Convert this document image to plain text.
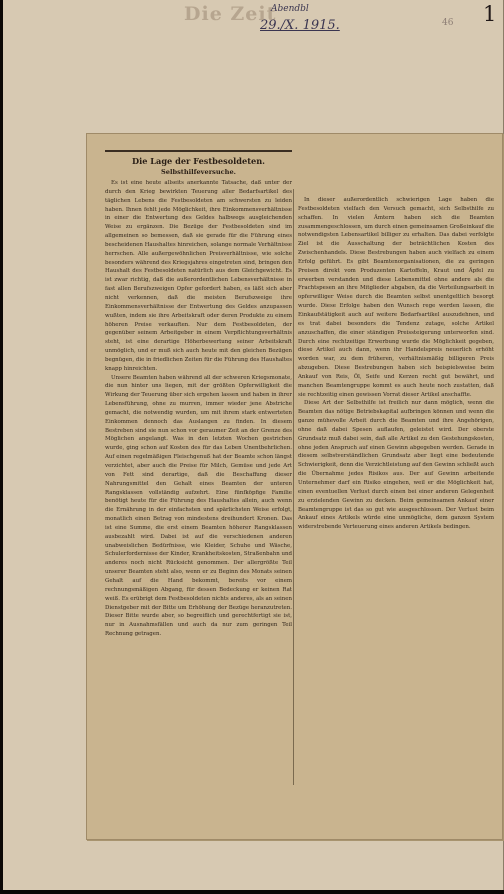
Die Zeit
Abendbl
29./X. 1915.	46 1
Die Lage der Festbesoldeten.
Selbsthilfeversuche.

Es ist eine heute allseits anerkannte Tatsache, daß unter der durch den Krieg bewirkten Teuerung aller Bedarfsartikel des täglichen Lebens die Festbesoldeten am schwersten zu leiden haben. Ihnen fehlt jede Möglichkeit, ihre Einkommensverhältnisse in einer die Entwertung des Geldes halbwegs ausgleichenden Weise zu ergänzen. Die Bezüge der Festbesoldeten sind im allgemeinen so bemessen, daß sie gerade für die Führung eines bescheidenen Haushaltes hinreichen, solange normale Verhältnisse herrschen. Alle außergewöhnlichen Preisverhältnisse, wie solche besonders während des Kriegsjahres eingetreten sind, bringen den Haushalt des Festbesoldeten natürlich aus dem Gleichgewicht. Es ist zwar richtig, daß die außerordentlichen Lebensverhältnisse in fast allen Berufszweigen Opfer gefordert haben, es läßt sich aber nicht verkennen, daß die meisten Berufszweige ihre Einkommensverhältnisse der Entwertung des Geldes anzupassen wußten, indem sie ihre Arbeitskraft oder deren Produkte zu einem höheren Preise verkauften. Nur dem Festbesoldeten, der gegenüber seinem Arbeitgeber in einem Verpflichtungsverhältnis steht, ist eine derartige Höherbewertung seiner Arbeitskraft unmöglich, und er muß sich auch heute mit den gleichen Bezügen begnügen, die in friedlichen Zeiten für die Führung des Haushaltes knapp hinreichten.

Unsere Beamten haben während all der schweren Kriegsmonate, die nun hinter uns liegen, mit der größten Opferwilligkeit die Wirkung der Teuerung über sich ergehen lassen und haben in ihrer Lebensführung, ohne zu murren, immer wieder jene Abstriche gemacht, die notwendig wurden, um mit ihrem stark entwerteten Einkommen dennoch das Auslangen zu finden. In diesem Bestreben sind sie nun schon vor geraumer Zeit an der Grenze des Möglichen angelangt. Was in den letzten Wochen gestrichen wurde, ging schon auf Kosten des für das Leben Unentbehrlichen. Auf einen regelmäßigen Fleischgenuß hat der Beamte schon längst verzichtet, aber auch die Preise für Milch, Gemüse und jede Art von Fett sind derartige, daß die Beschaffung dieser Nahrungsmittel den Gehalt eines Beamten der unteren Rangsklassen vollständig aufzehrt. Eine fünfköpfige Familie benötigt heute für die Führung des Haushaltes allein, auch wenn die Ernährung in der einfachsten und spärlichsten Weise erfolgt, monatlich einen Betrag von mindestens dreihundert Kronen. Das ist eine Summe, die erst einem Beamten höherer Rangsklassen ausbezahlt wird. Dabei ist auf die verschiedenen anderen unabweislichen Bedürfnisse, wie Kleider, Schuhe und Wäsche, Schulerfordernisse der Kinder, Krankheitskosten, Straßenbahn und anderes noch nicht Rücksicht genommen. Der allergrößte Teil unserer Beamten steht also, wenn er zu Beginn des Monats seinen Gehalt auf die Hand bekommt, bereits vor einem rechnungsmäßigen Abgang, für dessen Bedeckung er keinen Rat weiß. Es erübrigt dem Festbesoldeten nichts anderes, als an seinen Dienstgeber mit der Bitte um Erhöhung der Bezüge heranzutreten. Dieser Bitte wurde aber, so begreiflich und gerechtfertigt sie ist, nur in Ausnahmsfällen und auch da nur zum geringen Teil Rechnung getragen.

In dieser außerordentlich schwierigen Lage haben die Festbesoldeten vielfach den Versuch gemacht, sich Selbsthilfe zu schaffen. In vielen Ämtern haben sich die Beamten zusammengeschlossen, um durch einen gemeinsamen Großeinkauf die notwendigsten Lebensartikel billiger zu erhalten. Das dabei verfolgte Ziel ist die Ausschaltung der beträchtlichen Kosten des Zwischenhandels. Diese Bestrebungen haben auch vielfach zu einem Erfolg geführt. Es gibt Beamtenorganisationen, die zu geringen Preisen direkt vom Produzenten Kartoffeln, Kraut und Äpfel zu erwerben verstanden und diese Lebensmittel ohne andere als die Frachtspesen an ihre Mitglieder abgaben, da die Verteilungsarbeit in opferwilliger Weise durch die Beamten selbst unentgeltlich besorgt wurde. Diese Erfolge haben den Wunsch rege werden lassen, die Einkaufstätigkeit auch auf weitere Bedarfsartikel auszudehnen, und es trat dabei besonders die Tendenz zutage, solche Artikel anzuschaffen, die einer ständigen Preissteigerung unterworfen sind. Durch eine rechtzeitige Erwerbung wurde die Möglichkeit gegeben, diese Artikel auch dann, wenn ihr Handelspreis neuerlich erhöht worden war, zu dem früheren, verhältnismäßig billigeren Preis abzugeben. Diese Bestrebungen haben sich beispielsweise beim Ankauf von Reis, Öl, Seife und Kerzen recht gut bewährt, und manchen Beamtengruppe kommt es auch heute noch zustatten, daß sie rechtzeitig einen gewissen Vorrat dieser Artikel anschaffte.

Diese Art der Selbsthilfe ist freilich nur dann möglich, wenn die Beamten das nötige Betriebskapital aufbringen können und wenn die ganze mühevolle Arbeit durch die Beamten und ihre Angehörigen, ohne daß dabei Spesen auflaufen, geleistet wird. Der oberste Grundsatz muß dabei sein, daß alle Artikel zu den Gestehungskosten, ohne jeden Anspruch auf einen Gewinn abgegeben werden. Gerade in diesem selbstverständlichen Grundsatz aber liegt eine bedeutende Schwierigkeit, denn die Verzichtleistung auf den Gewinn schließt auch die Übernahme jedes Risikos aus. Der auf Gewinn arbeitende Unternehmer darf ein Risiko eingehen, weil er die Möglichkeit hat, einen eventuellen Verlust durch einen bei einer anderen Gelegenheit zu erzielenden Gewinn zu decken. Beim gemeinsamen Ankauf einer Beamtengruppe ist das so gut wie ausgeschlossen. Der Verlust beim Ankauf eines Artikels würde eine unmögliche, dem ganzen System widerstrebende Verteuerung eines anderen Artikels bedingen.
